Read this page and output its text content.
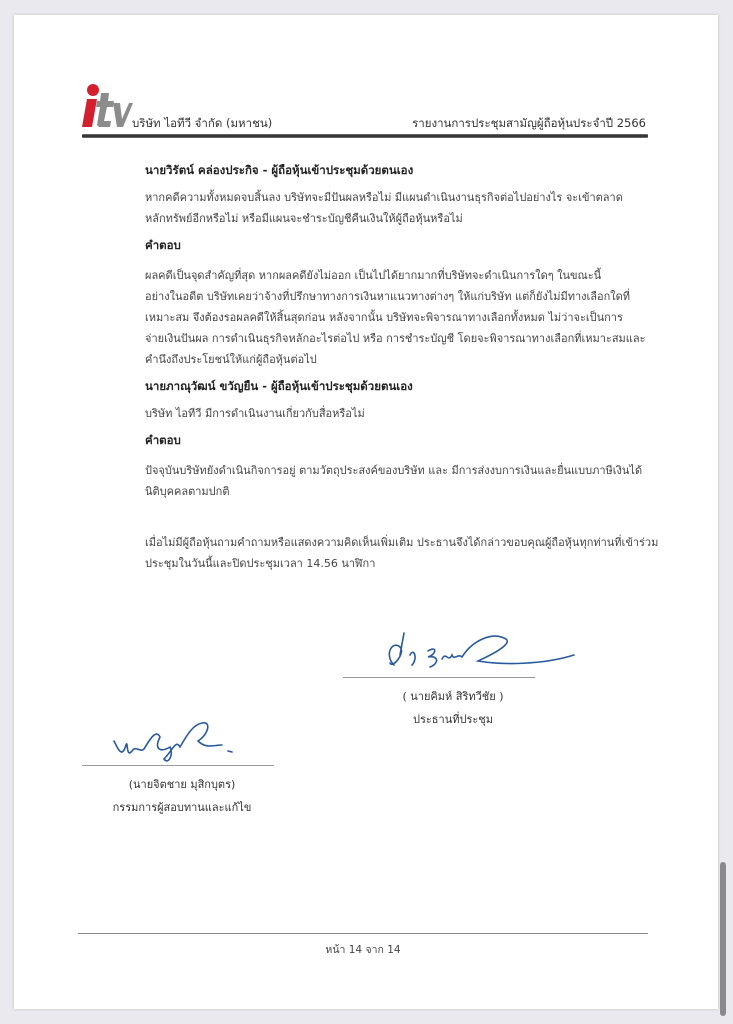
บริษัท ไอทีวี จำกัด (มหาชน)	รายงานการประชุมสามัญผู้ถือหุ้นประจำปี 2566

นายวิรัตน์ คล่องประกิจ - ผู้ถือหุ้นเข้าประชุมด้วยตนเอง

หากคดีความทั้งหมดจบสิ้นลง บริษัทจะมีปันผลหรือไม่ มีแผนดำเนินงานธุรกิจต่อไปอย่างไร จะเข้าตลาด

หลักทรัพย์อีกหรือไม่ หรือมีแผนจะชำระบัญชีคืนเงินให้ผู้ถือหุ้นหรือไม่

คำตอบ

ผลคดีเป็นจุดสำคัญที่สุด หากผลคดียังไม่ออก เป็นไปได้ยากมากที่บริษัทจะดำเนินการใดๆ ในขณะนี้

อย่างในอดีต บริษัทเคยว่าจ้างที่ปรึกษาทางการเงินหาแนวทางต่างๆ ให้แก่บริษัท แต่ก็ยังไม่มีทางเลือกใดที่

เหมาะสม จึงต้องรอผลคดีให้สิ้นสุดก่อน หลังจากนั้น บริษัทจะพิจารณาทางเลือกทั้งหมด ไม่ว่าจะเป็นการ

จ่ายเงินปันผล การดำเนินธุรกิจหลักอะไรต่อไป หรือ การชำระบัญชี โดยจะพิจารณาทางเลือกที่เหมาะสมและ

คำนึงถึงประโยชน์ให้แก่ผู้ถือหุ้นต่อไป

นายภาณุวัฒน์ ขวัญยืน - ผู้ถือหุ้นเข้าประชุมด้วยตนเอง

บริษัท ไอทีวี มีการดำเนินงานเกี่ยวกับสื่อหรือไม่

คำตอบ

ปัจจุบันบริษัทยังดำเนินกิจการอยู่ ตามวัตถุประสงค์ของบริษัท และ มีการส่งงบการเงินและยื่นแบบภาษีเงินได้

นิติบุคคลตามปกติ

เมื่อไม่มีผู้ถือหุ้นถามคำถามหรือแสดงความคิดเห็นเพิ่มเติม ประธานจึงได้กล่าวขอบคุณผู้ถือหุ้นทุกท่านที่เข้าร่วม

ประชุมในวันนี้และปิดประชุมเวลา 14.56 นาฬิกา

( นายคิมห์ สิริทวีชัย )
ประธานที่ประชุม
(นายจิตชาย มุสิกบุตร)
กรรมการผู้สอบทานและแก้ไข
หน้า 14 จาก 14
